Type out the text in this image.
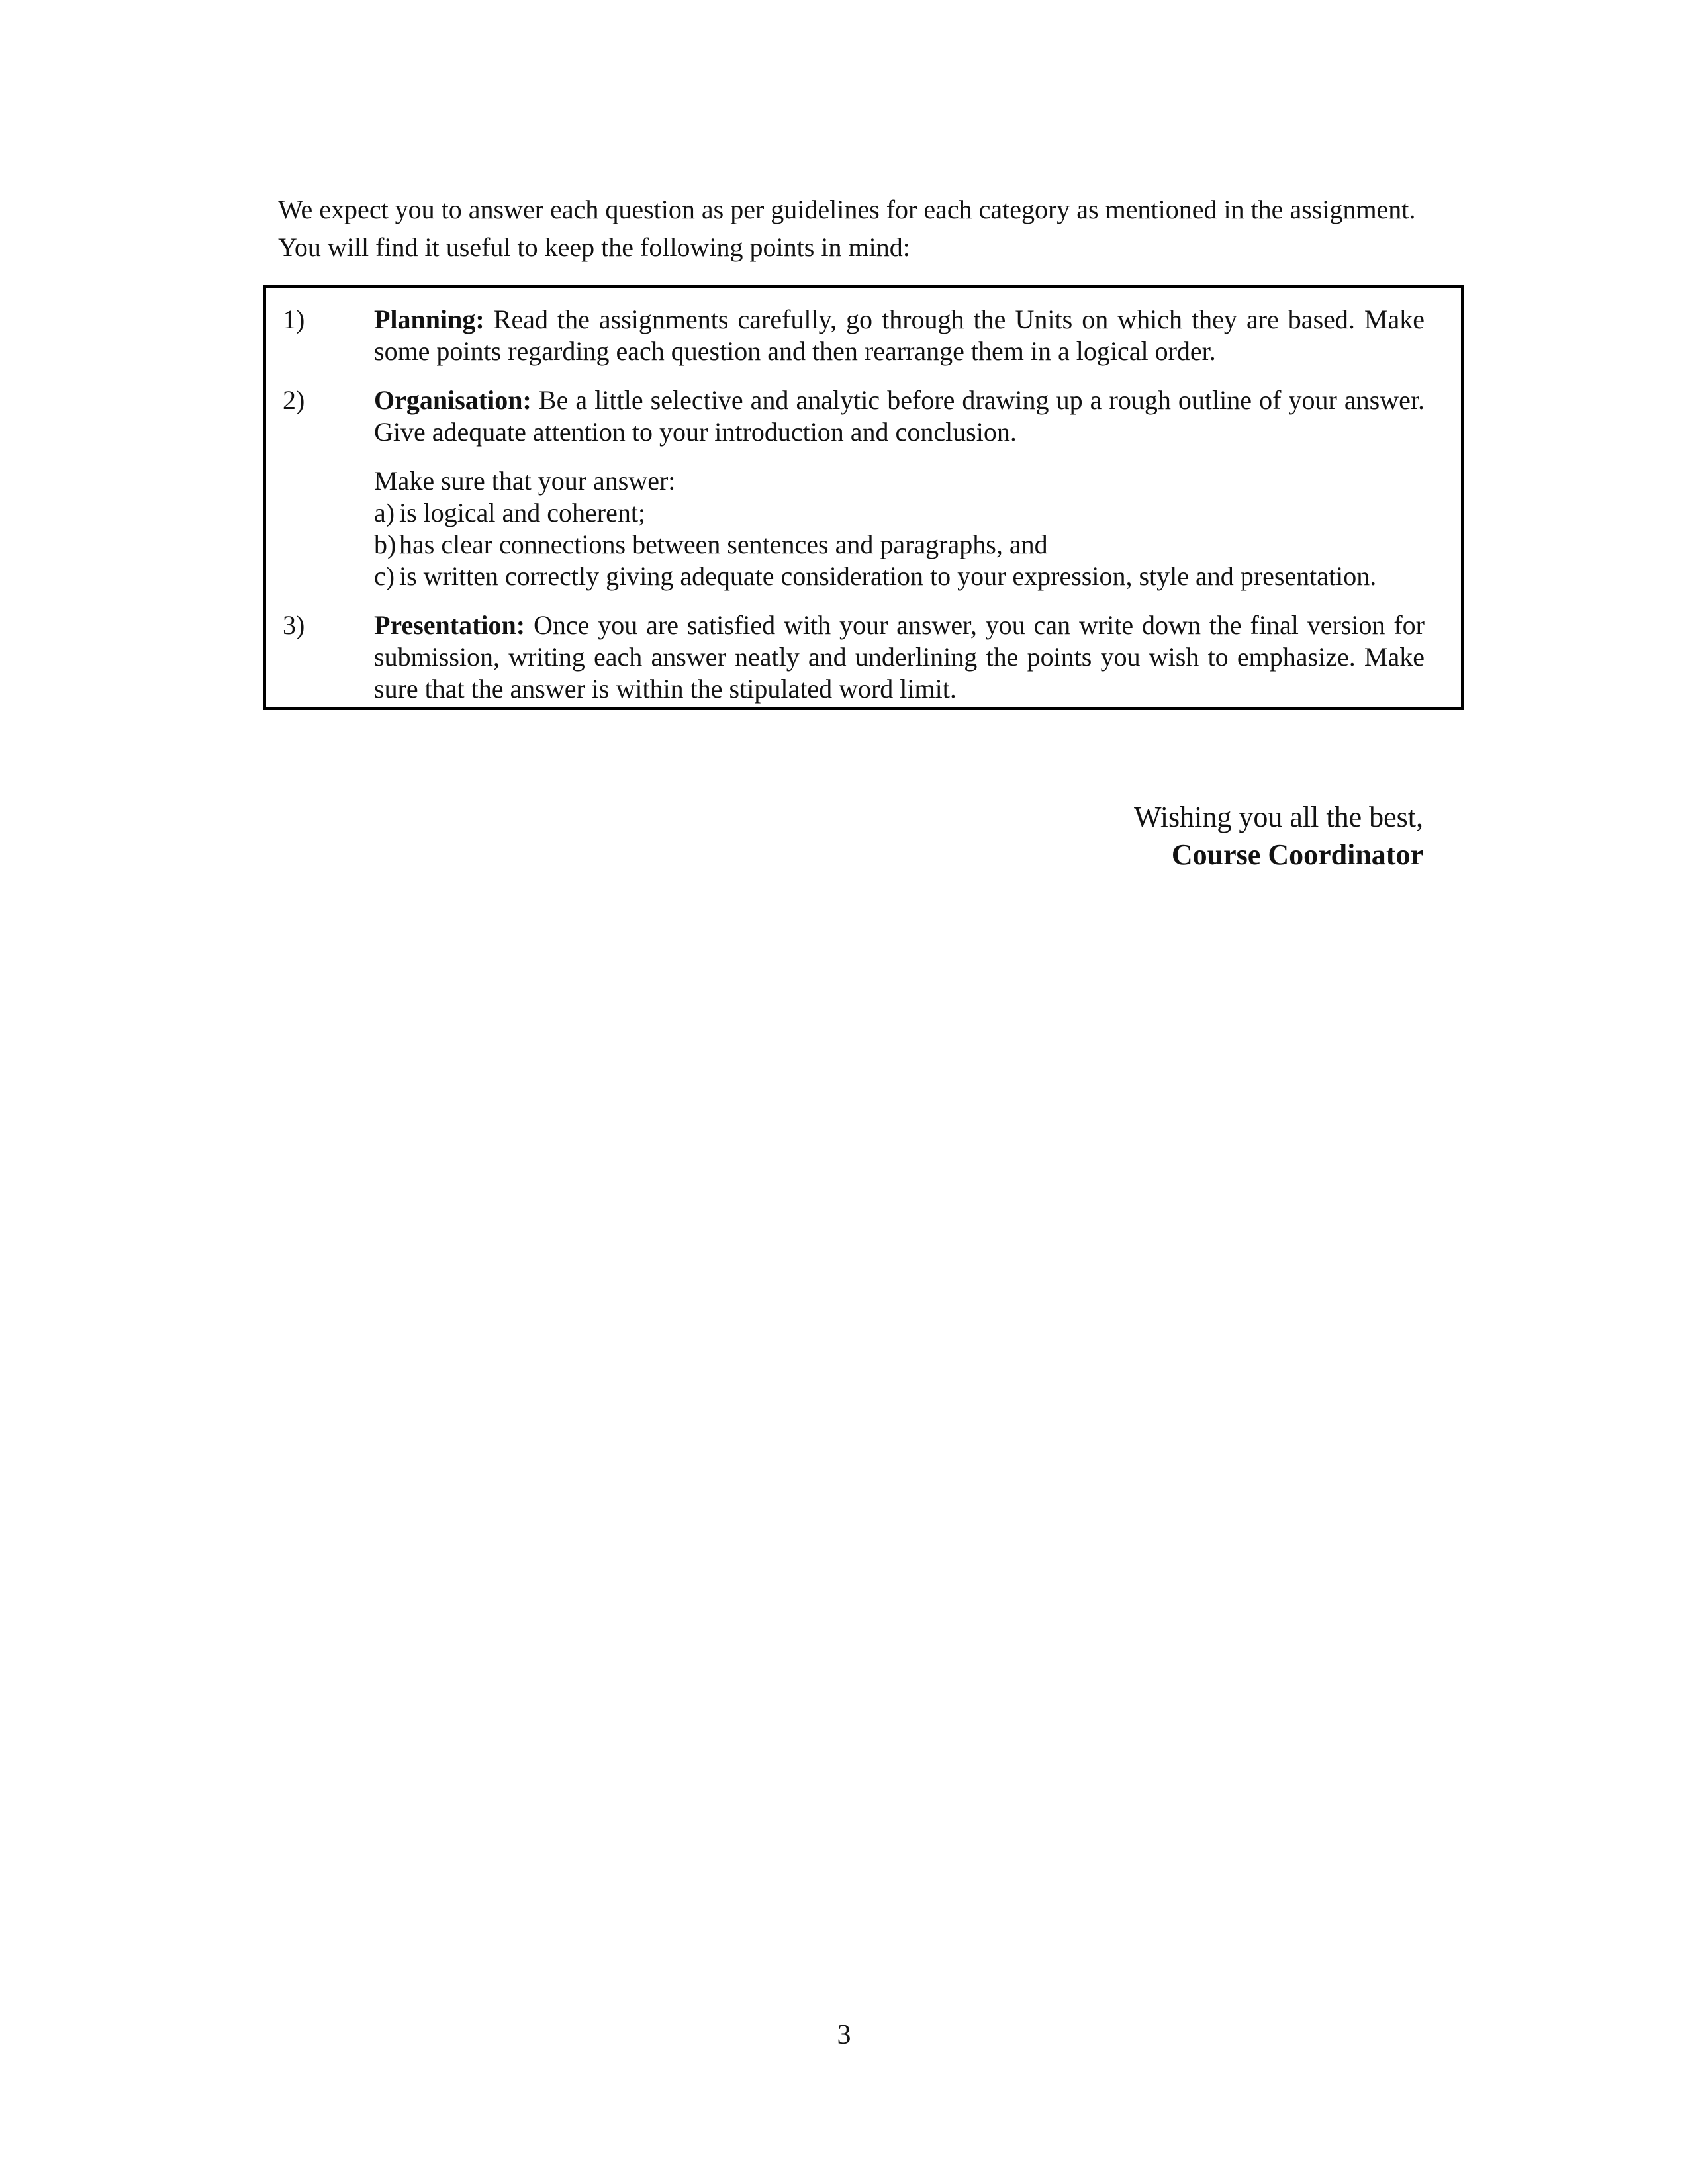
We expect you to answer each question as per guidelines for each category as mentioned in the assignment. You will find it useful to keep the following points in mind:

1)	Planning: Read the assignments carefully, go through the Units on which they are based. Make some points regarding each question and then rearrange them in a logical order.

2)	Organisation: Be a little selective and analytic before drawing up a rough outline of your answer. Give adequate attention to your introduction and conclusion.

Make sure that your answer:

a) is logical and coherent;
b) has clear connections between sentences and paragraphs, and
c) is written correctly giving adequate consideration to your expression, style and presentation.
3)	Presentation: Once you are satisfied with your answer, you can write down the final version for submission, writing each answer neatly and underlining the points you wish to emphasize. Make sure that the answer is within the stipulated word limit.

Wishing you all the best,
Course Coordinator
3
